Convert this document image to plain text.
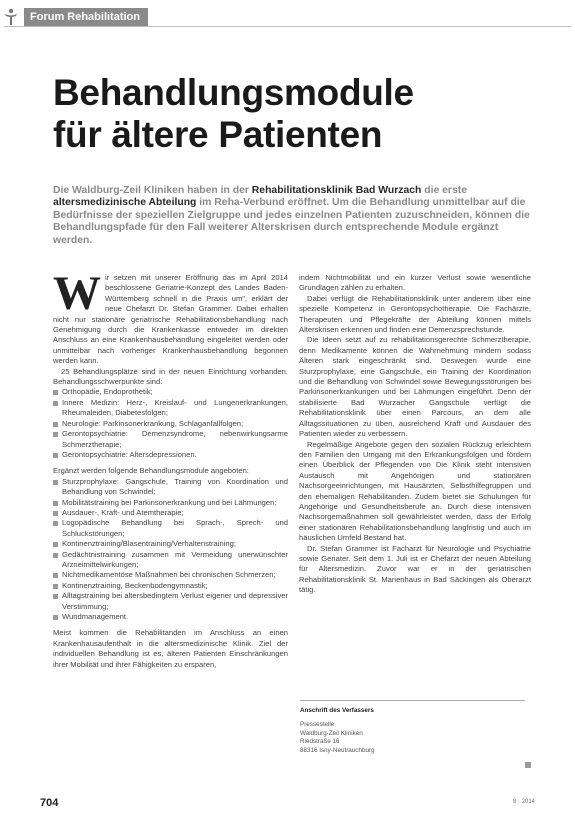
Forum Rehabilitation
Behandlungsmodule
für ältere Patienten
Die Waldburg-Zeil Kliniken haben in der Rehabilitationsklinik Bad Wurzach die erste altersmedizinische Abteilung im Reha-Verbund eröffnet. Um die Behandlung unmittelbar auf die Bedürfnisse der speziellen Zielgruppe und jedes einzelnen Patienten zuzuschneiden, können die Behandlungspfade für den Fall weiterer Alterskrisen durch entsprechende Module ergänzt werden.

Wir setzen mit unserer Eröffnung das im April 2014 beschlossene Geriatrie-Konzept des Landes Baden-Württemberg schnell in die Praxis um", erklärt der neue Chefarzt Dr. Stefan Grammer. Dabei erhalten nicht nur stationäre geriatrische Rehabilitationsbehandlung nach Genehmigung durch die Krankenkasse entweder im direkten Anschluss an eine Krankenhausbehandlung eingeleitet werden oder unmittelbar nach vorheriger Krankenhausbehandlung begonnen werden kann.

25 Behandlungsplätze sind in der neuen Einrichtung vorhanden. Behandlungsschwerpunkte sind:

Orthopädie, Endoprothetik;
Innere Medizin: Herz-, Kreislauf- und Lungenerkrankungen, Rheumaleiden, Diabetesfolgen;
Neurologie: Parkinsonerkrankung, Schlaganfallfolgen;
Gerontopsychiatrie: Demenzsyndrome, nebenwirkungsarme Schmerztherapie;
Gerontopsychiatrie: Altersdepressionen.

Ergänzt werden folgende Behandlungsmodule angeboten:

Sturzprophylaxe: Gangschule, Training von Koordination und Behandlung von Schwindel;
Mobilitätstraining bei Parkinsonerkrankung und bei Lähmungen;
Ausdauer-, Kraft- und Atemtherapie;
Logopädische Behandlung bei Sprach-, Sprech- und Schluckstörungen;
Kontinenztraining/Blasentraining/Verhaltenstraining;
Gedächtnistraining zusammen mit Vermeidung unerwünschter Arzneimittelwirkungen;
Nichtmedikamentöse Maßnahmen bei chronischen Schmerzen;
Kontinenztraining, Beckenbodengymnastik;
Alltagstraining bei altersbedingtem Verlust eigener und depressiver Verstimmung;
Wundmanagement.

Meist kommen die Rehabilitanden im Anschluss an einen Krankenhausaufenthalt in die altersmedizinische Klinik. Ziel der individuellen Behandlung ist es, älteren Patienten Einschränkungen ihrer Mobilität und ihrer Fähigkeiten zu ersparen,

indem Nichtmobilität und ein kurzer Verlust sowie wesentliche Grundlagen zählen zu erhalten.

Dabei verfügt die Rehabilitationsklinik unter anderem über eine spezielle Kompetenz in Gerontopsychotherapie. Die Fachärzte, Therapeuten und Pflegekräfte der Abteilung können mittels Alterskrisen erkennen und finden eine Demenzsprechstunde.

Die Ideen setzt auf zu rehabilitationsgerechte Schmerztherapie, denn Medikamente können die Wahrnehmung mindern sodass Älteren stark eingeschränkt sind. Deswegen wurde eine Sturzprophylaxe, eine Gangschule, ein Training der Koordination und die Behandlung von Schwindel sowie Bewegungsstörungen bei Parkinsonerkrankungen und bei Lähmungen eingeführt. Denn der stabilisierte Bad Wurzacher Gangschule verfügt die Rehabilitationsklinik über einen Parcours, an dem alle Alltagssituationen zu üben, ausreichend Kraft und Ausdauer des Patienten wieder zu verbessern.

Regelmäßige Angebote gegen den sozialen Rückzug erleichtern den Familien den Umgang mit den Erkrankungsfolgen und fördern einen Überblick der Pflegenden von Die Klinik steht intensiven Austausch mit Angehörigen und stationären Nachsorgeeinrichtungen, mit Hausärzten, Selbsthilfegruppen und den ehemaligen Rehabilitanden. Zudem bietet sie Schulungen für Angehörige und Gesundheitsberufe an. Durch diese intensiven Nachsorgemaßnahmen soll gewährleistet werden, dass der Erfolg einer stationären Rehabilitationsbehandlung langfristig und auch im häuslichen Umfeld Bestand hat.

Dr. Stefan Grammer ist Facharzt für Neurologie und Psychiatrie sowie Geriater. Seit dem 1. Juli ist er Chefarzt der neuen Abteilung für Altersmedizin. Zuvor war er in der geriatrischen Rehabilitationsklinik St. Marienhaus in Bad Säckingen als Oberarzt tätig.

Anschrift des Verfassers
Pressestelle
Waldburg-Zeil Kliniken
Riedstraße 16
88316 Isny-Neutrauchburg
704	8 · 2014
